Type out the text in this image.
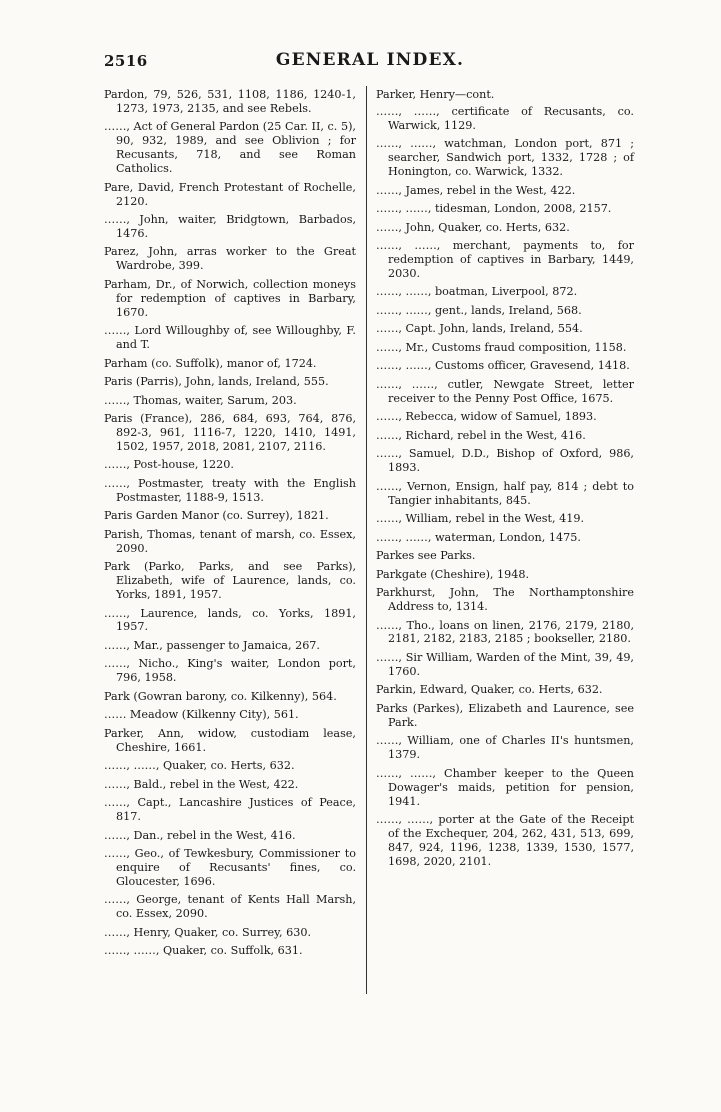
2516	GENERAL INDEX.

Pardon, 79, 526, 531, 1108, 1186, 1240-1, 1273, 1973, 2135, and see Rebels.

……, Act of General Pardon (25 Car. II, c. 5), 90, 932, 1989, and see Oblivion ; for Recusants, 718, and see Roman Catholics.

Pare, David, French Protestant of Rochelle, 2120.

……, John, waiter, Bridgtown, Barbados, 1476.

Parez, John, arras worker to the Great Wardrobe, 399.

Parham, Dr., of Norwich, collection moneys for redemption of captives in Barbary, 1670.

……, Lord Willoughby of, see Willoughby, F. and T.

Parham (co. Suffolk), manor of, 1724.

Paris (Parris), John, lands, Ireland, 555.

……, Thomas, waiter, Sarum, 203.

Paris (France), 286, 684, 693, 764, 876, 892-3, 961, 1116-7, 1220, 1410, 1491, 1502, 1957, 2018, 2081, 2107, 2116.

……, Post-house, 1220.

……, Postmaster, treaty with the English Postmaster, 1188-9, 1513.

Paris Garden Manor (co. Surrey), 1821.

Parish, Thomas, tenant of marsh, co. Essex, 2090.

Park (Parko, Parks, and see Parks), Elizabeth, wife of Laurence, lands, co. Yorks, 1891, 1957.

……, Laurence, lands, co. Yorks, 1891, 1957.

……, Mar., passenger to Jamaica, 267.

……, Nicho., King's waiter, London port, 796, 1958.

Park (Gowran barony, co. Kilkenny), 564.

…… Meadow (Kilkenny City), 561.

Parker, Ann, widow, custodiam lease, Cheshire, 1661.

……, ……, Quaker, co. Herts, 632.

……, Bald., rebel in the West, 422.

……, Capt., Lancashire Justices of Peace, 817.

……, Dan., rebel in the West, 416.

……, Geo., of Tewkesbury, Commissioner to enquire of Recusants' fines, co. Gloucester, 1696.

……, George, tenant of Kents Hall Marsh, co. Essex, 2090.

……, Henry, Quaker, co. Surrey, 630.

……, ……, Quaker, co. Suffolk, 631.

Parker, Henry—cont.

……, ……, certificate of Recusants, co. Warwick, 1129.

……, ……, watchman, London port, 871 ; searcher, Sandwich port, 1332, 1728 ; of Honington, co. Warwick, 1332.

……, James, rebel in the West, 422.

……, ……, tidesman, London, 2008, 2157.

……, John, Quaker, co. Herts, 632.

……, ……, merchant, payments to, for redemption of captives in Barbary, 1449, 2030.

……, ……, boatman, Liverpool, 872.

……, ……, gent., lands, Ireland, 568.

……, Capt. John, lands, Ireland, 554.

……, Mr., Customs fraud composition, 1158.

……, ……, Customs officer, Gravesend, 1418.

……, ……, cutler, Newgate Street, letter receiver to the Penny Post Office, 1675.

……, Rebecca, widow of Samuel, 1893.

……, Richard, rebel in the West, 416.

……, Samuel, D.D., Bishop of Oxford, 986, 1893.

……, Vernon, Ensign, half pay, 814 ; debt to Tangier inhabitants, 845.

……, William, rebel in the West, 419.

……, ……, waterman, London, 1475.

Parkes see Parks.

Parkgate (Cheshire), 1948.

Parkhurst, John, The Northamptonshire Address to, 1314.

……, Tho., loans on linen, 2176, 2179, 2180, 2181, 2182, 2183, 2185 ; bookseller, 2180.

……, Sir William, Warden of the Mint, 39, 49, 1760.

Parkin, Edward, Quaker, co. Herts, 632.

Parks (Parkes), Elizabeth and Laurence, see Park.

……, William, one of Charles II's huntsmen, 1379.

……, ……, Chamber keeper to the Queen Dowager's maids, petition for pension, 1941.

……, ……, porter at the Gate of the Receipt of the Exchequer, 204, 262, 431, 513, 699, 847, 924, 1196, 1238, 1339, 1530, 1577, 1698, 2020, 2101.
